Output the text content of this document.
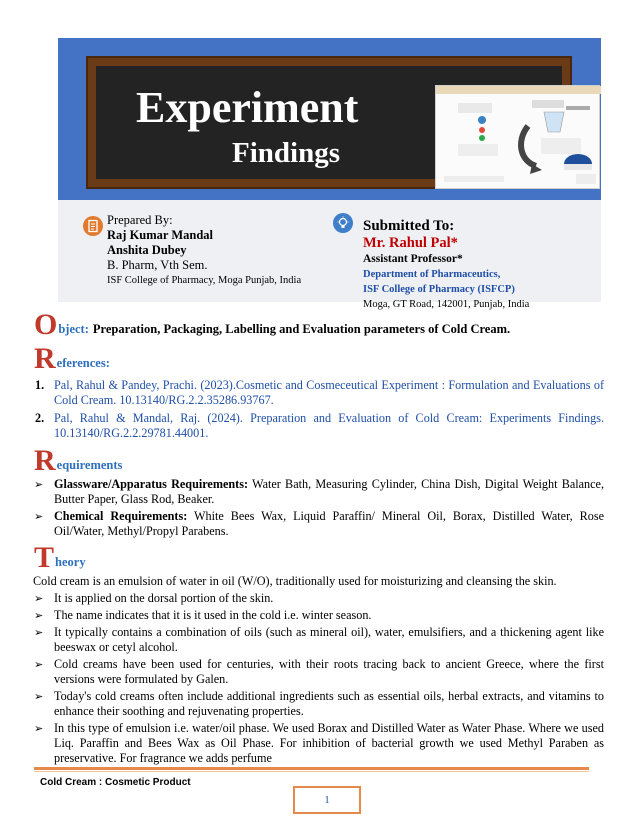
Experiment
Findings
Prepared By:
Raj Kumar Mandal
Anshita Dubey
B. Pharm, Vth Sem.
ISF College of Pharmacy, Moga Punjab, India
Submitted To:
Mr. Rahul Pal*
Assistant Professor*
Department of Pharmaceutics,
ISF College of Pharmacy (ISFCP)
Moga, GT Road, 142001, Punjab, India
O bject: Preparation, Packaging, Labelling and Evaluation parameters of Cold Cream.
R eferences:
1. Pal, Rahul & Pandey, Prachi. (2023).Cosmetic and Cosmeceutical Experiment : Formulation and Evaluations of Cold Cream. 10.13140/RG.2.2.35286.93767.
2. Pal, Rahul & Mandal, Raj. (2024). Preparation and Evaluation of Cold Cream: Experiments Findings. 10.13140/RG.2.2.29781.44001.
R equirements
➢ Glassware/Apparatus Requirements: Water Bath, Measuring Cylinder, China Dish, Digital Weight Balance, Butter Paper, Glass Rod, Beaker.
➢ Chemical Requirements: White Bees Wax, Liquid Paraffin/ Mineral Oil, Borax, Distilled Water, Rose Oil/Water, Methyl/Propyl Parabens.
T heory
Cold cream is an emulsion of water in oil (W/O), traditionally used for moisturizing and cleansing the skin.
➢ It is applied on the dorsal portion of the skin.
➢ The name indicates that it is it used in the cold i.e. winter season.
➢ It typically contains a combination of oils (such as mineral oil), water, emulsifiers, and a thickening agent like beeswax or cetyl alcohol.
➢ Cold creams have been used for centuries, with their roots tracing back to ancient Greece, where the first versions were formulated by Galen.
➢ Today's cold creams often include additional ingredients such as essential oils, herbal extracts, and vitamins to enhance their soothing and rejuvenating properties.
➢ In this type of emulsion i.e. water/oil phase. We used Borax and Distilled Water as Water Phase. Where we used Liq. Paraffin and Bees Wax as Oil Phase. For inhibition of bacterial growth we used Methyl Paraben as preservative. For fragrance we adds perfume
Cold Cream : Cosmetic Product
1
